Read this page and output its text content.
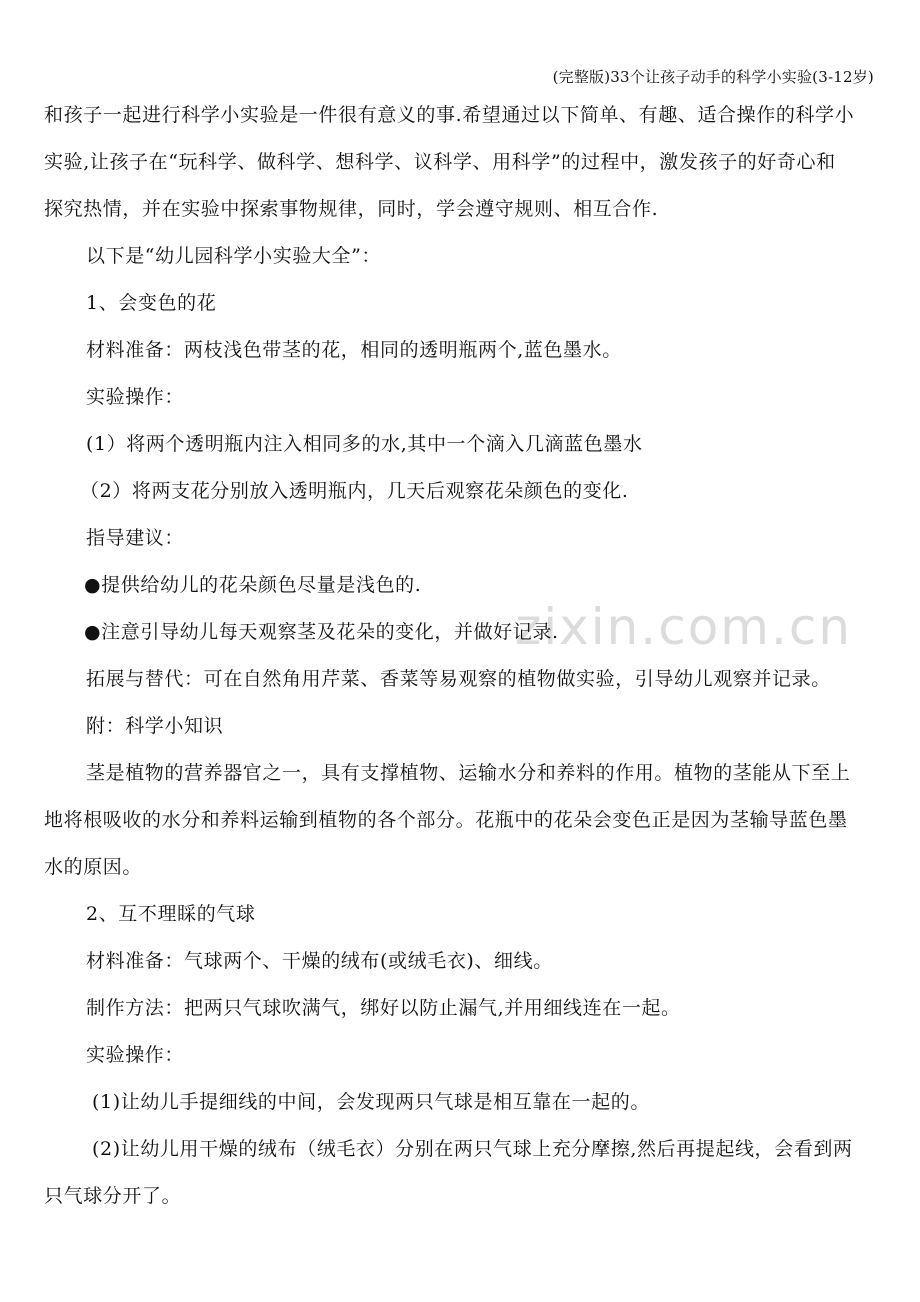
zixin.com.cn
(完整版)33个让孩子动手的科学小实验(3-12岁)
和孩子一起进行科学小实验是一件很有意义的事.希望通过以下简单、有趣、适合操作的科学小
实验,让孩子在“玩科学、做科学、想科学、议科学、用科学”的过程中，激发孩子的好奇心和
探究热情，并在实验中探索事物规律，同时，学会遵守规则、相互合作.
以下是“幼儿园科学小实验大全”：
1、会变色的花
材料准备：两枝浅色带茎的花，相同的透明瓶两个,蓝色墨水。
实验操作：
(1）将两个透明瓶内注入相同多的水,其中一个滴入几滴蓝色墨水
（2）将两支花分别放入透明瓶内，几天后观察花朵颜色的变化.
指导建议：
●提供给幼儿的花朵颜色尽量是浅色的.
●注意引导幼儿每天观察茎及花朵的变化，并做好记录.
拓展与替代：可在自然角用芹菜、香菜等易观察的植物做实验，引导幼儿观察并记录。
附：科学小知识
茎是植物的营养器官之一，具有支撑植物、运输水分和养料的作用。植物的茎能从下至上
地将根吸收的水分和养料运输到植物的各个部分。花瓶中的花朵会变色正是因为茎输导蓝色墨
水的原因。
2、互不理睬的气球
材料准备：气球两个、干燥的绒布(或绒毛衣)、细线。
制作方法：把两只气球吹满气，绑好以防止漏气,并用细线连在一起。
实验操作：
(1)让幼儿手提细线的中间，会发现两只气球是相互靠在一起的。
(2)让幼儿用干燥的绒布（绒毛衣）分别在两只气球上充分摩擦,然后再提起线，会看到两
只气球分开了。
